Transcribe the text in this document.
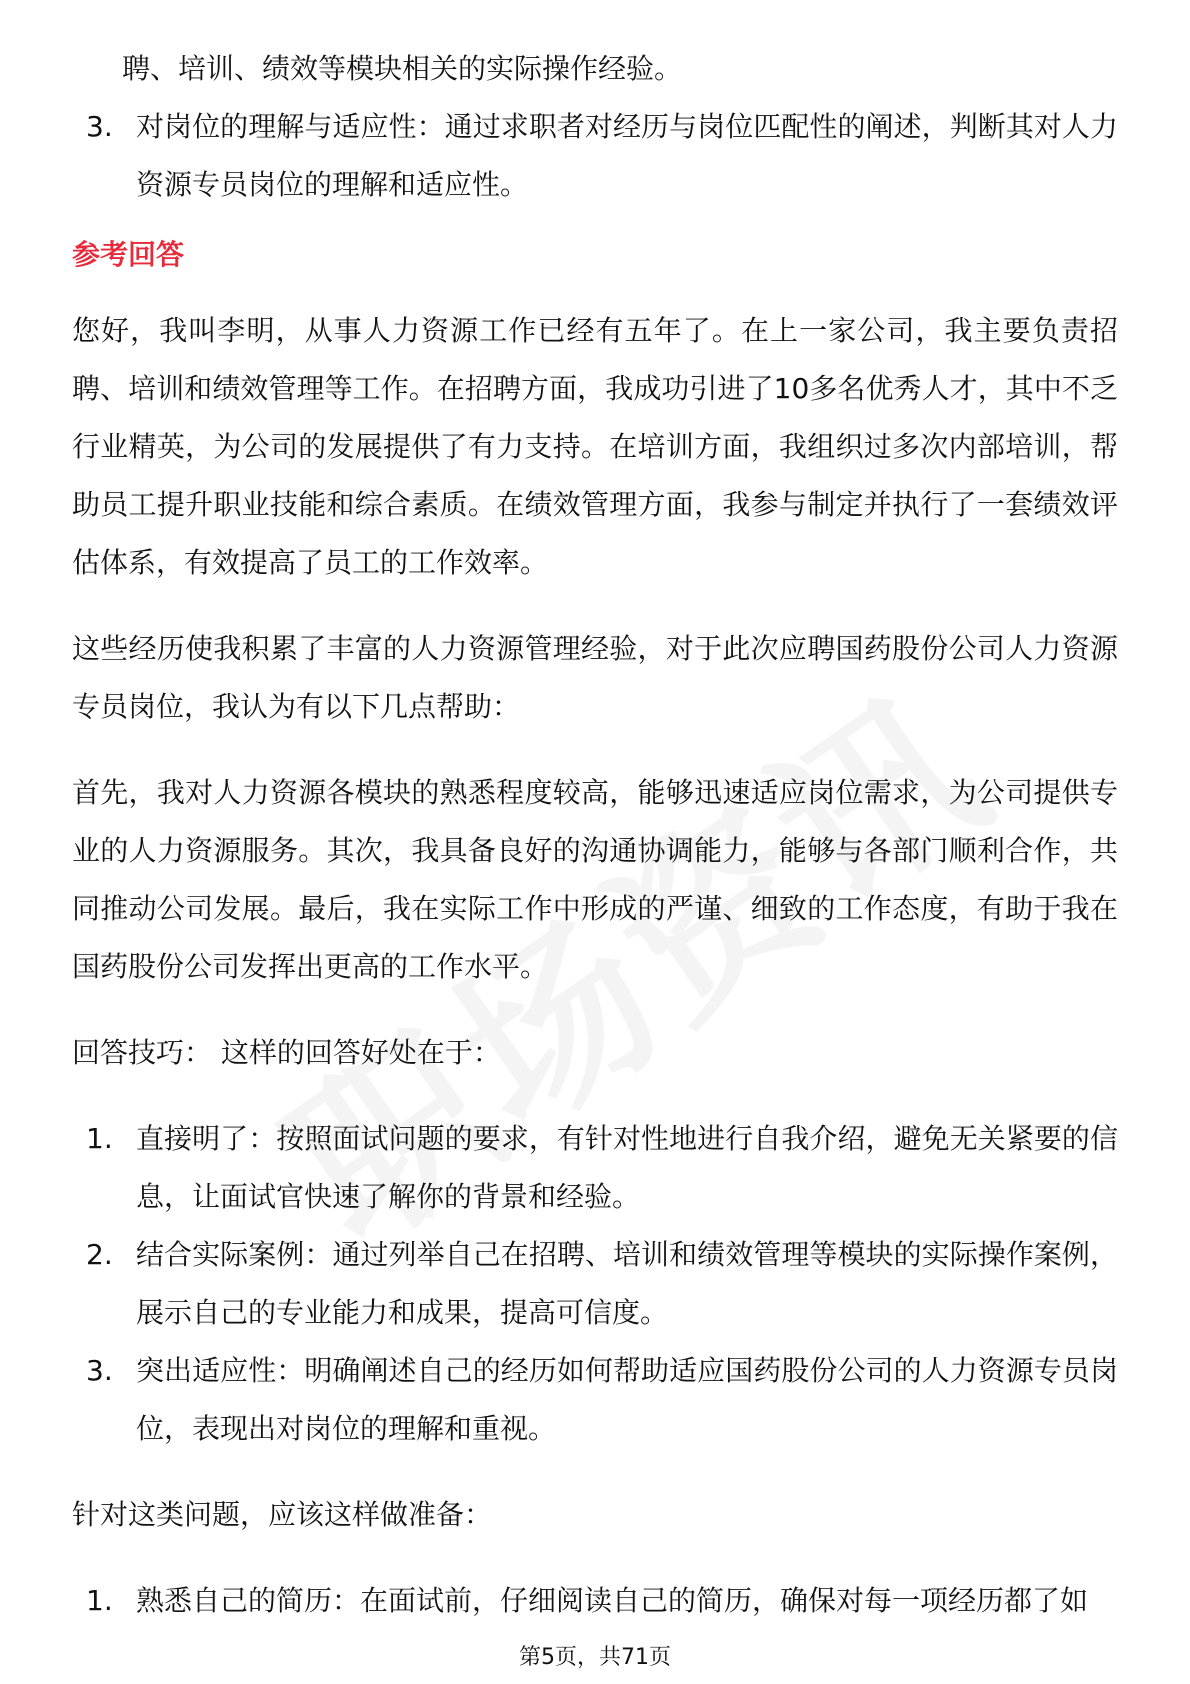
聘、培训、绩效等模块相关的实际操作经验。
3. 对岗位的理解与适应性：通过求职者对经历与岗位匹配性的阐述，判断其对人力资源专员岗位的理解和适应性。
参考回答

您好，我叫李明，从事人力资源工作已经有五年了。在上一家公司，我主要负责招聘、培训和绩效管理等工作。在招聘方面，我成功引进了10多名优秀人才，其中不乏行业精英，为公司的发展提供了有力支持。在培训方面，我组织过多次内部培训，帮助员工提升职业技能和综合素质。在绩效管理方面，我参与制定并执行了一套绩效评估体系，有效提高了员工的工作效率。

这些经历使我积累了丰富的人力资源管理经验，对于此次应聘国药股份公司人力资源专员岗位，我认为有以下几点帮助：

首先，我对人力资源各模块的熟悉程度较高，能够迅速适应岗位需求，为公司提供专业的人力资源服务。其次，我具备良好的沟通协调能力，能够与各部门顺利合作，共同推动公司发展。最后，我在实际工作中形成的严谨、细致的工作态度，有助于我在国药股份公司发挥出更高的工作水平。

回答技巧： 这样的回答好处在于：
1. 直接明了：按照面试问题的要求，有针对性地进行自我介绍，避免无关紧要的信息，让面试官快速了解你的背景和经验。
2. 结合实际案例：通过列举自己在招聘、培训和绩效管理等模块的实际操作案例，展示自己的专业能力和成果，提高可信度。
3. 突出适应性：明确阐述自己的经历如何帮助适应国药股份公司的人力资源专员岗位，表现出对岗位的理解和重视。
针对这类问题，应该这样做准备：
1. 熟悉自己的简历：在面试前，仔细阅读自己的简历，确保对每一项经历都了如
第5页，共71页
